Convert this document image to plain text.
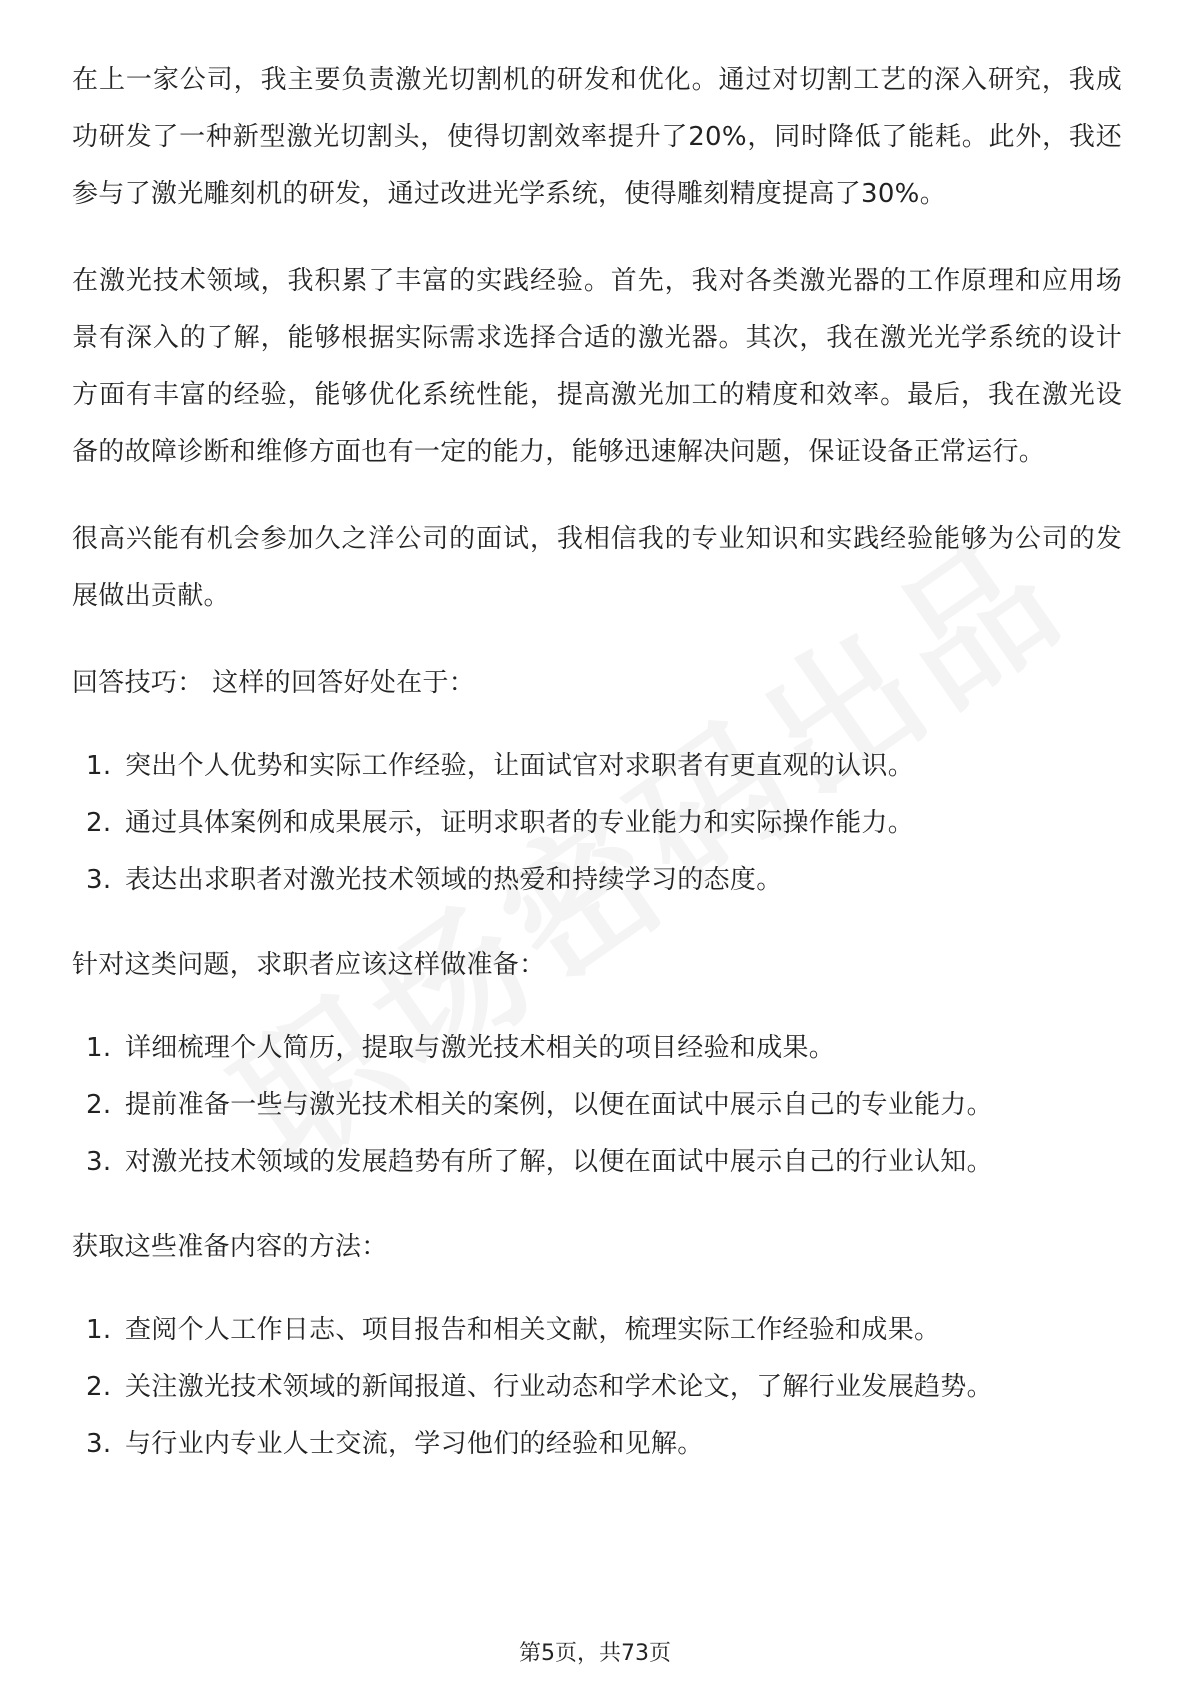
在上一家公司，我主要负责激光切割机的研发和优化。通过对切割工艺的深入研究，我成功研发了一种新型激光切割头，使得切割效率提升了20%，同时降低了能耗。此外，我还参与了激光雕刻机的研发，通过改进光学系统，使得雕刻精度提高了30%。

在激光技术领域，我积累了丰富的实践经验。首先，我对各类激光器的工作原理和应用场景有深入的了解，能够根据实际需求选择合适的激光器。其次，我在激光光学系统的设计方面有丰富的经验，能够优化系统性能，提高激光加工的精度和效率。最后，我在激光设备的故障诊断和维修方面也有一定的能力，能够迅速解决问题，保证设备正常运行。

很高兴能有机会参加久之洋公司的面试，我相信我的专业知识和实践经验能够为公司的发展做出贡献。

回答技巧： 这样的回答好处在于：
1. 突出个人优势和实际工作经验，让面试官对求职者有更直观的认识。
2. 通过具体案例和成果展示，证明求职者的专业能力和实际操作能力。
3. 表达出求职者对激光技术领域的热爱和持续学习的态度。
针对这类问题，求职者应该这样做准备：
1. 详细梳理个人简历，提取与激光技术相关的项目经验和成果。
2. 提前准备一些与激光技术相关的案例，以便在面试中展示自己的专业能力。
3. 对激光技术领域的发展趋势有所了解，以便在面试中展示自己的行业认知。
获取这些准备内容的方法：
1. 查阅个人工作日志、项目报告和相关文献，梳理实际工作经验和成果。
2. 关注激光技术领域的新闻报道、行业动态和学术论文，了解行业发展趋势。
3. 与行业内专业人士交流，学习他们的经验和见解。
第5页，共73页
